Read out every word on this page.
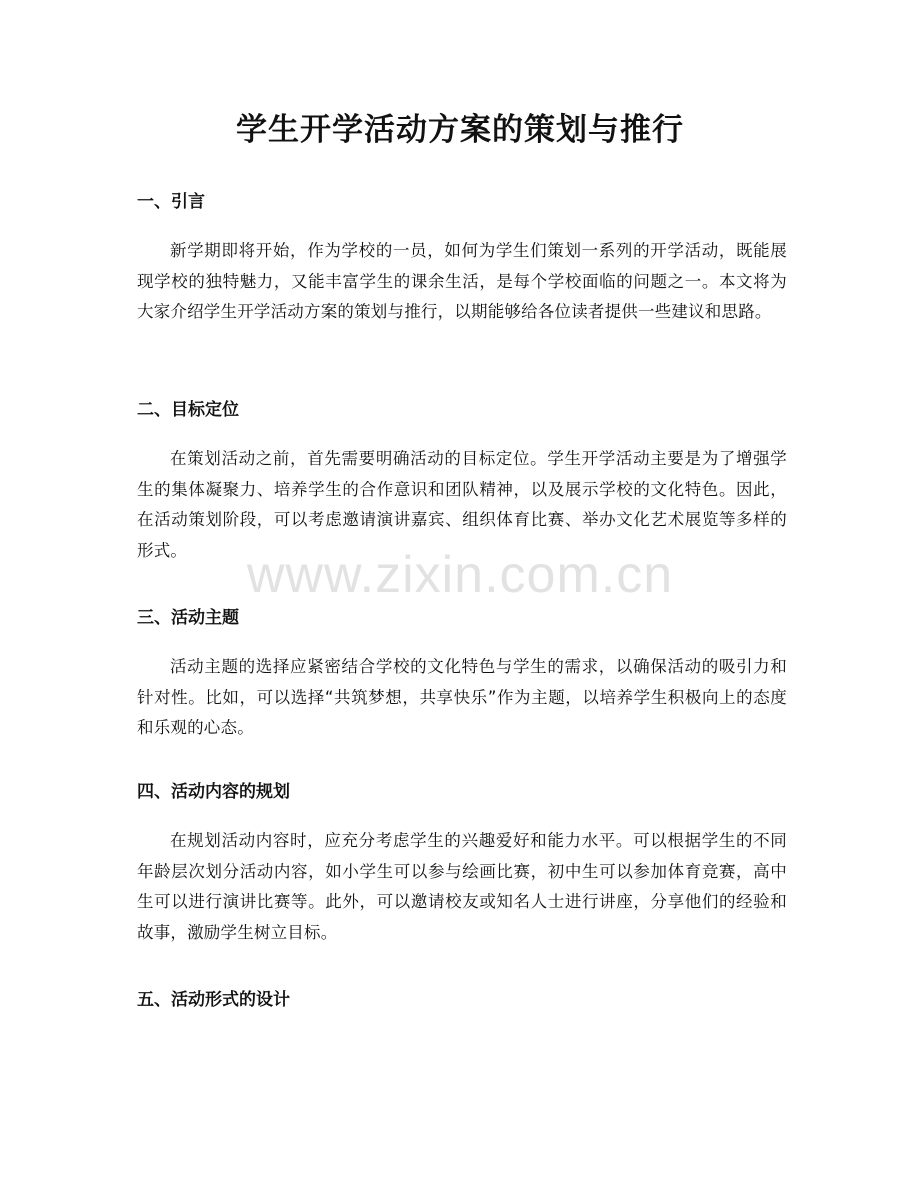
学生开学活动方案的策划与推行
一、引言

新学期即将开始，作为学校的一员，如何为学生们策划一系列的开学活动，既能展现学校的独特魅力，又能丰富学生的课余生活，是每个学校面临的问题之一。本文将为大家介绍学生开学活动方案的策划与推行，以期能够给各位读者提供一些建议和思路。

二、目标定位

在策划活动之前，首先需要明确活动的目标定位。学生开学活动主要是为了增强学生的集体凝聚力、培养学生的合作意识和团队精神，以及展示学校的文化特色。因此，在活动策划阶段，可以考虑邀请演讲嘉宾、组织体育比赛、举办文化艺术展览等多样的形式。

三、活动主题

活动主题的选择应紧密结合学校的文化特色与学生的需求，以确保活动的吸引力和针对性。比如，可以选择“共筑梦想，共享快乐”作为主题，以培养学生积极向上的态度和乐观的心态。

四、活动内容的规划

在规划活动内容时，应充分考虑学生的兴趣爱好和能力水平。可以根据学生的不同年龄层次划分活动内容，如小学生可以参与绘画比赛，初中生可以参加体育竞赛，高中生可以进行演讲比赛等。此外，可以邀请校友或知名人士进行讲座，分享他们的经验和故事，激励学生树立目标。

五、活动形式的设计
www.zixin.com.cn
